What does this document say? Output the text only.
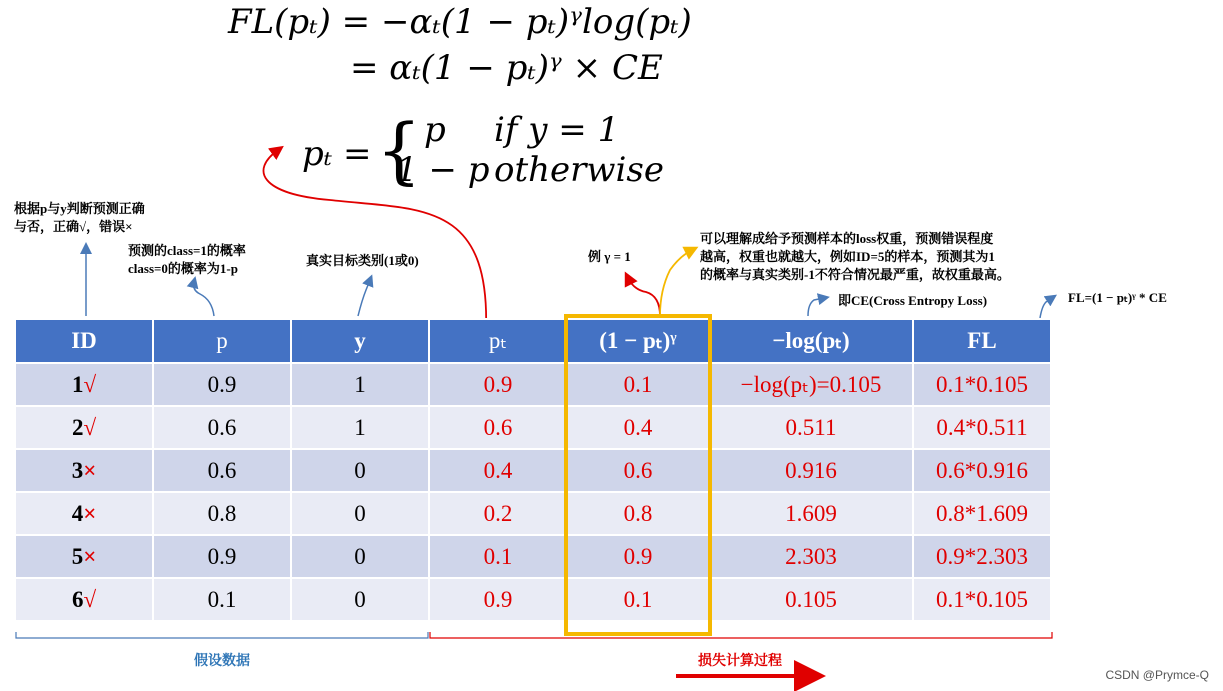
FL(pₜ) = −αₜ(1 − pₜ)ᵞlog(pₜ)
= αₜ(1 − pₜ)ᵞ × CE
pₜ = { p if y = 1
1 − p otherwise
根据p与y判断预测正确
与否，正确√，错误×
预测的class=1的概率
class=0的概率为1-p
真实目标类别(1或0)	例 γ = 1
可以理解成给予预测样本的loss权重，预测错误程度
越高，权重也就越大，例如ID=5的样本，预测其为1
的概率与真实类别-1不符合情况最严重，故权重最高。
即CE(Cross Entropy Loss)	FL=(1 − pₜ)ᵞ * CE
ID	p	y	pₜ	(1 − pₜ)ᵞ	−log(pₜ)	FL
1√	0.9	1	0.9	0.1	−log(pₜ)=0.105	0.1*0.105
2√	0.6	1	0.6	0.4	0.511	0.4*0.511
3×	0.6	0	0.4	0.6	0.916	0.6*0.916
4×	0.8	0	0.2	0.8	1.609	0.8*1.609
5×	0.9	0	0.1	0.9	2.303	0.9*2.303
6√	0.1	0	0.9	0.1	0.105	0.1*0.105
假设数据	损失计算过程
CSDN @Prymce-Q
